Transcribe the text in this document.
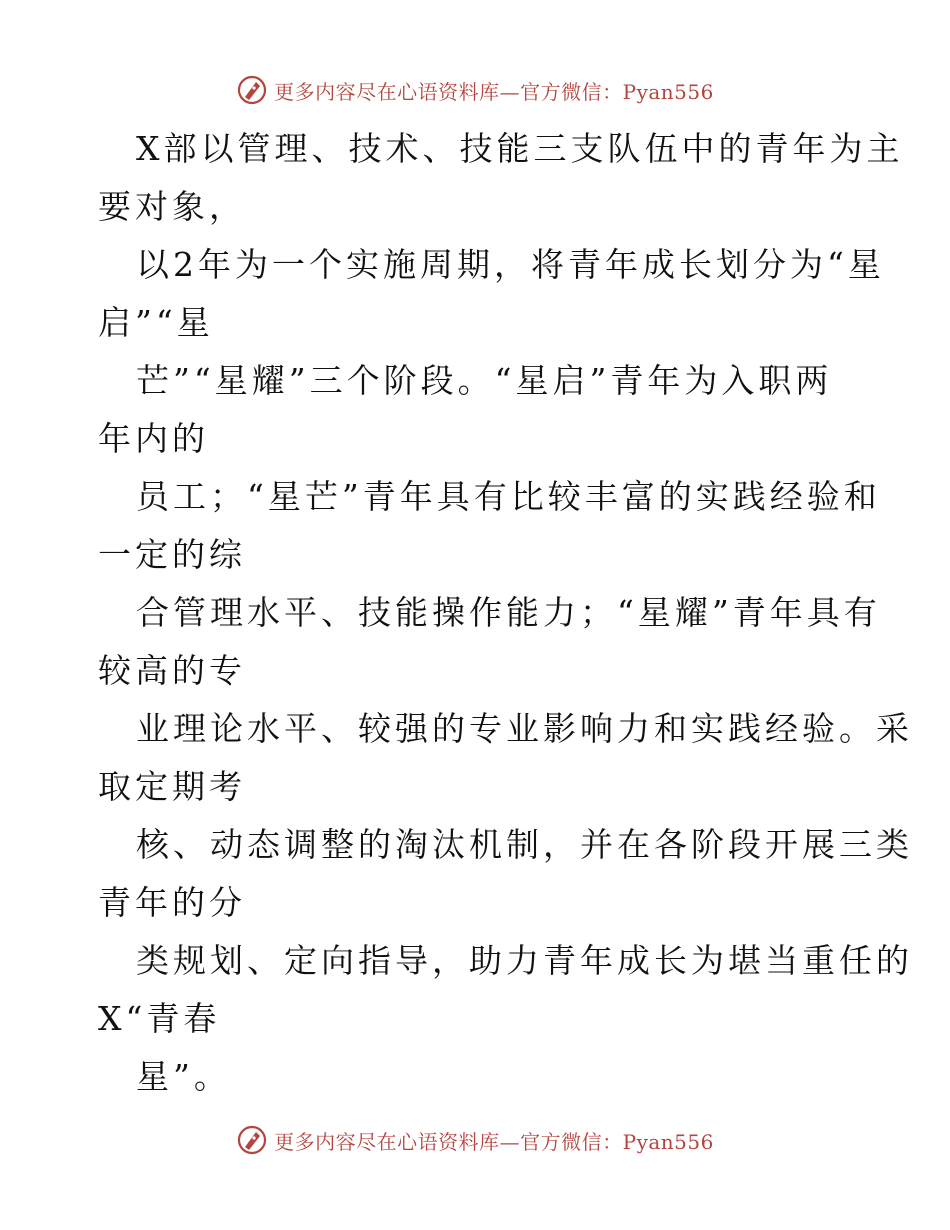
更多内容尽在心语资料库—官方微信：Pyan556
X部以管理、技术、技能三支队伍中的青年为主
要对象，
以2年为一个实施周期，将青年成长划分为“星
启”“星
芒”“星耀”三个阶段。“星启”青年为入职两
年内的
员工；“星芒”青年具有比较丰富的实践经验和
一定的综
合管理水平、技能操作能力；“星耀”青年具有
较高的专
业理论水平、较强的专业影响力和实践经验。采
取定期考
核、动态调整的淘汰机制，并在各阶段开展三类
青年的分
类规划、定向指导，助力青年成长为堪当重任的
X“青春
星”。
更多内容尽在心语资料库—官方微信：Pyan556
